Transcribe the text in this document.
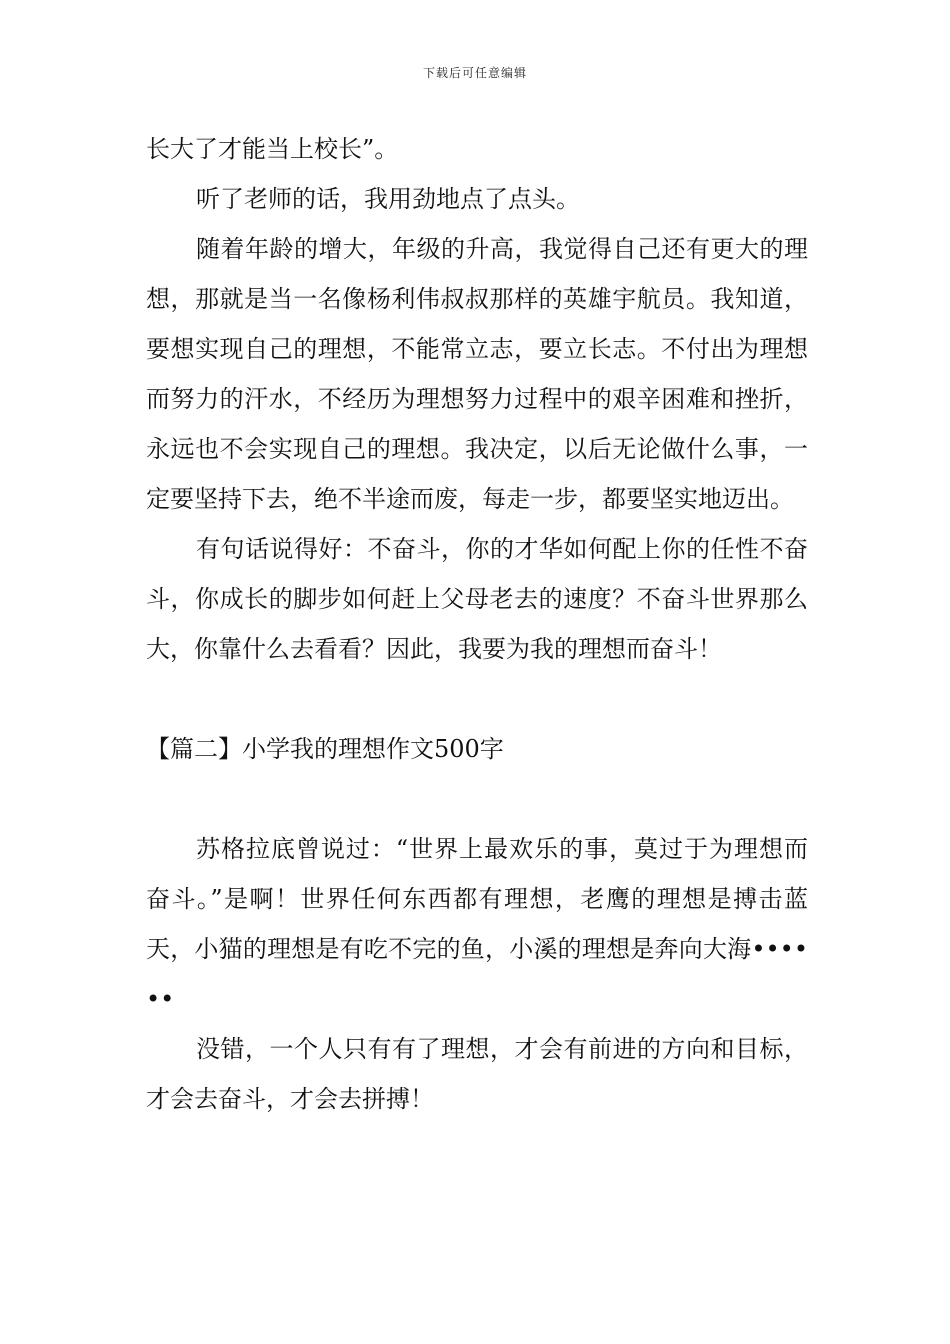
下载后可任意编辑

长大了才能当上校长”。

听了老师的话，我用劲地点了点头。

随着年龄的增大，年级的升高，我觉得自己还有更大的理想，那就是当一名像杨利伟叔叔那样的英雄宇航员。我知道，要想实现自己的理想，不能常立志，要立长志。不付出为理想而努力的汗水，不经历为理想努力过程中的艰辛困难和挫折，永远也不会实现自己的理想。我决定，以后无论做什么事，一定要坚持下去，绝不半途而废，每走一步，都要坚实地迈出。

有句话说得好：不奋斗，你的才华如何配上你的任性不奋斗，你成长的脚步如何赶上父母老去的速度？不奋斗世界那么大，你靠什么去看看？因此，我要为我的理想而奋斗！

【篇二】小学我的理想作文500字

苏格拉底曾说过：“世界上最欢乐的事，莫过于为理想而奋斗。”是啊！世界任何东西都有理想，老鹰的理想是搏击蓝天，小猫的理想是有吃不完的鱼，小溪的理想是奔向大海••••••

没错，一个人只有有了理想，才会有前进的方向和目标，才会去奋斗，才会去拼搏！
